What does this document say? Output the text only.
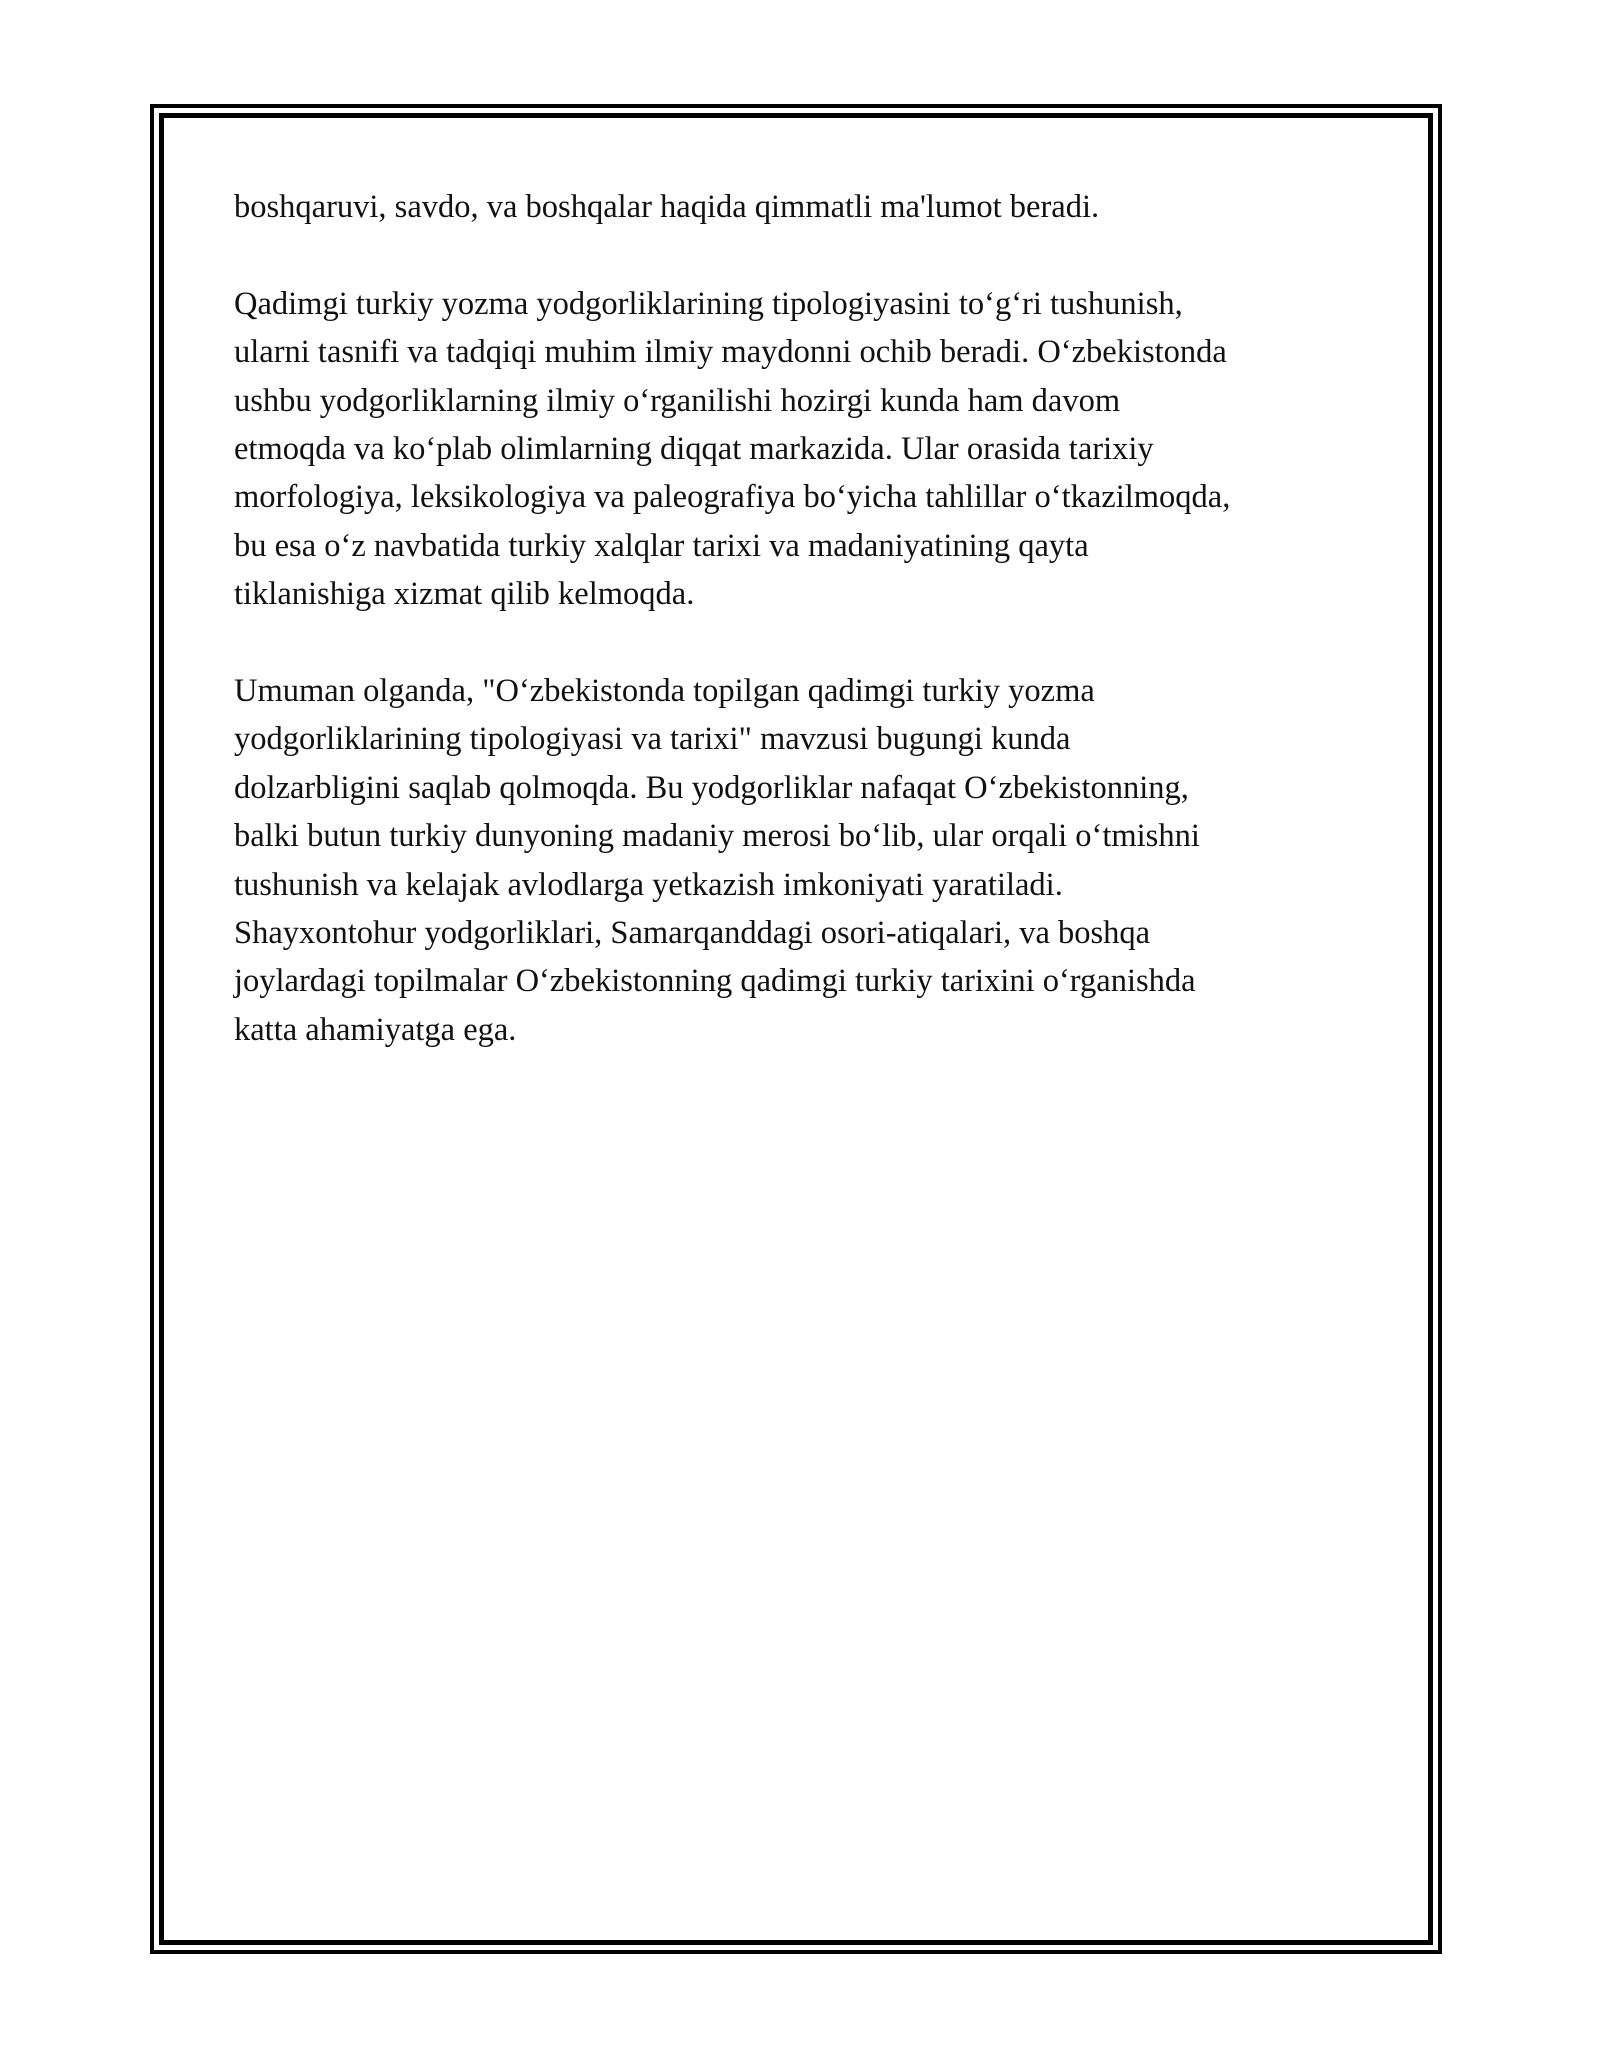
boshqaruvi, savdo, va boshqalar haqida qimmatli ma'lumot beradi.

Qadimgi turkiy yozma yodgorliklarining tipologiyasini to‘g‘ri tushunish,
ularni tasnifi va tadqiqi muhim ilmiy maydonni ochib beradi. O‘zbekistonda
ushbu yodgorliklarning ilmiy o‘rganilishi hozirgi kunda ham davom
etmoqda va ko‘plab olimlarning diqqat markazida. Ular orasida tarixiy
morfologiya, leksikologiya va paleografiya bo‘yicha tahlillar o‘tkazilmoqda,
bu esa o‘z navbatida turkiy xalqlar tarixi va madaniyatining qayta
tiklanishiga xizmat qilib kelmoqda.

Umuman olganda, "O‘zbekistonda topilgan qadimgi turkiy yozma
yodgorliklarining tipologiyasi va tarixi" mavzusi bugungi kunda
dolzarbligini saqlab qolmoqda. Bu yodgorliklar nafaqat O‘zbekistonning,
balki butun turkiy dunyoning madaniy merosi bo‘lib, ular orqali o‘tmishni
tushunish va kelajak avlodlarga yetkazish imkoniyati yaratiladi.
Shayxontohur yodgorliklari, Samarqanddagi osori-atiqalari, va boshqa
joylardagi topilmalar O‘zbekistonning qadimgi turkiy tarixini o‘rganishda
katta ahamiyatga ega.
